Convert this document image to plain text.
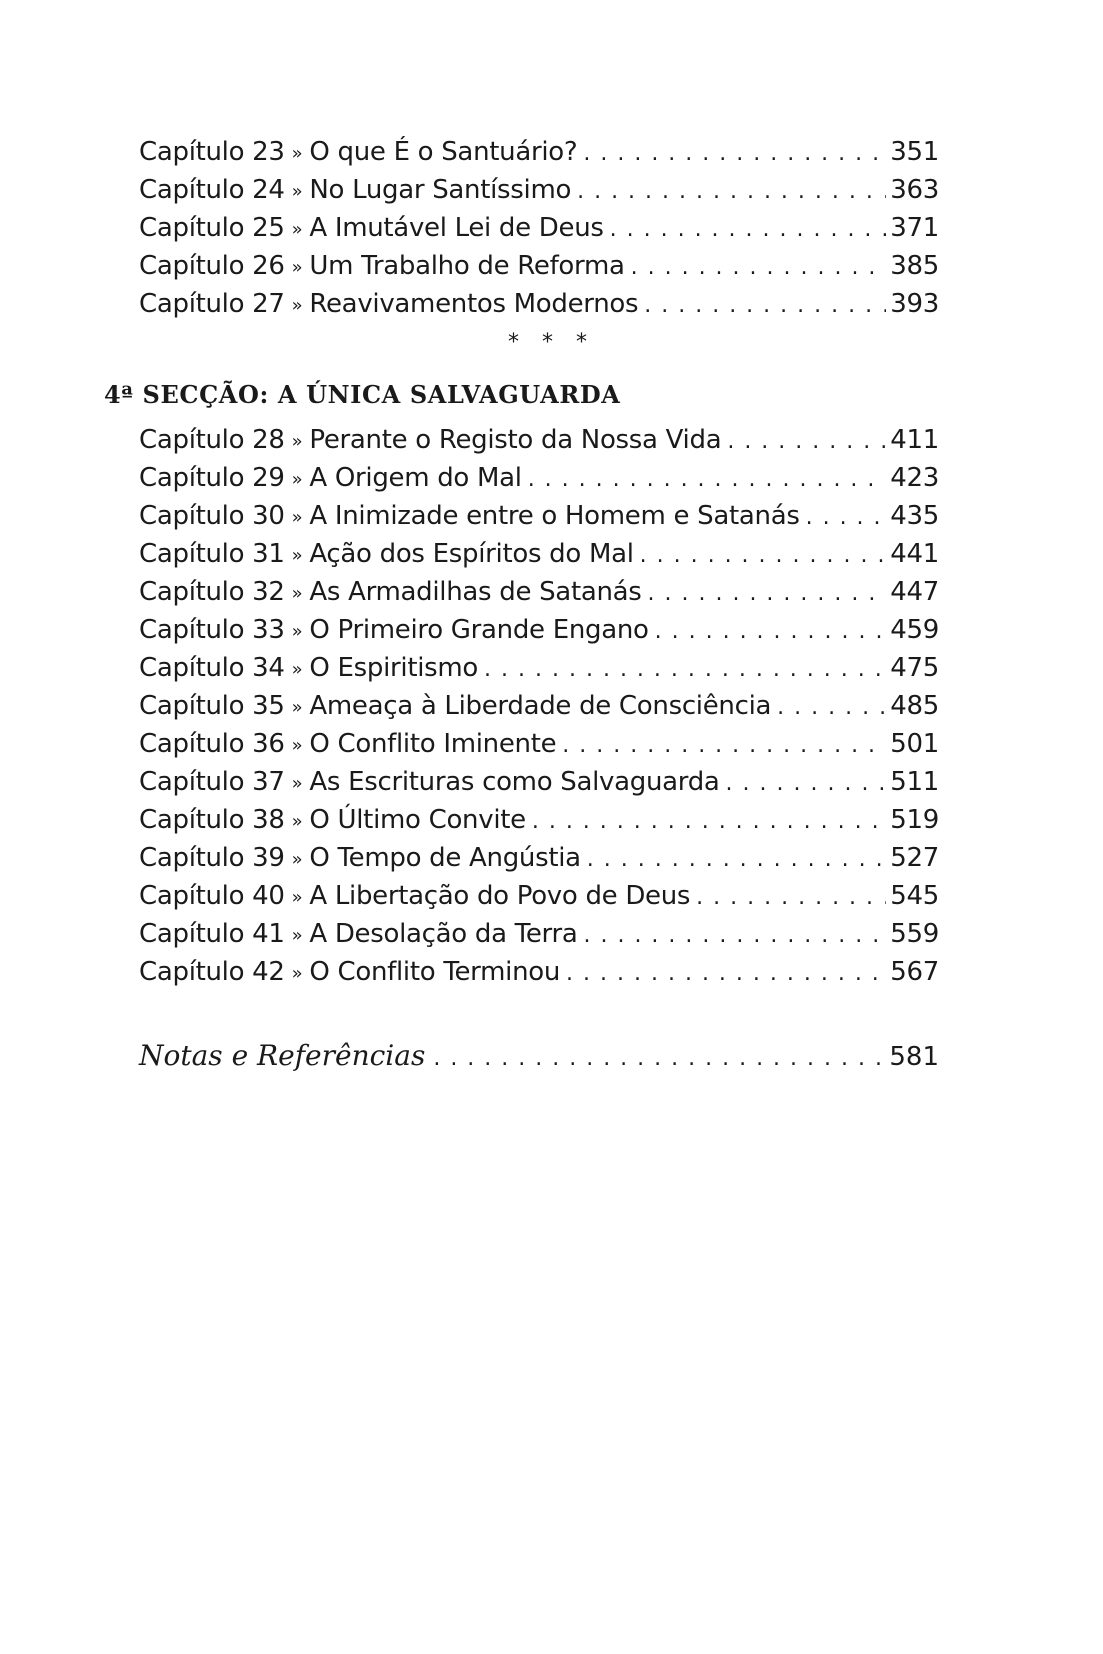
Capítulo 23 » O que É o Santuário? . . .	351
Capítulo 24 » No Lugar Santíssimo . . .	363
Capítulo 25 » A Imutável Lei de Deus . . .	371
Capítulo 26 » Um Trabalho de Reforma . . .	385
Capítulo 27 » Reavivamentos Modernos . . .	393
* * *
4ª SECÇÃO: A ÚNICA SALVAGUARDA
Capítulo 28 » Perante o Registo da Nossa Vida . . .	411
Capítulo 29 » A Origem do Mal . . .	423
Capítulo 30 » A Inimizade entre o Homem e Satanás . . .	435
Capítulo 31 » Ação dos Espíritos do Mal . . .	441
Capítulo 32 » As Armadilhas de Satanás . . .	447
Capítulo 33 » O Primeiro Grande Engano . . .	459
Capítulo 34 » O Espiritismo . . .	475
Capítulo 35 » Ameaça à Liberdade de Consciência . . .	485
Capítulo 36 » O Conflito Iminente . . .	501
Capítulo 37 » As Escrituras como Salvaguarda . . .	511
Capítulo 38 » O Último Convite . . .	519
Capítulo 39 » O Tempo de Angústia . . .	527
Capítulo 40 » A Libertação do Povo de Deus . . .	545
Capítulo 41 » A Desolação da Terra . . .	559
Capítulo 42 » O Conflito Terminou . . .	567
Notas e Referências . . .	581
